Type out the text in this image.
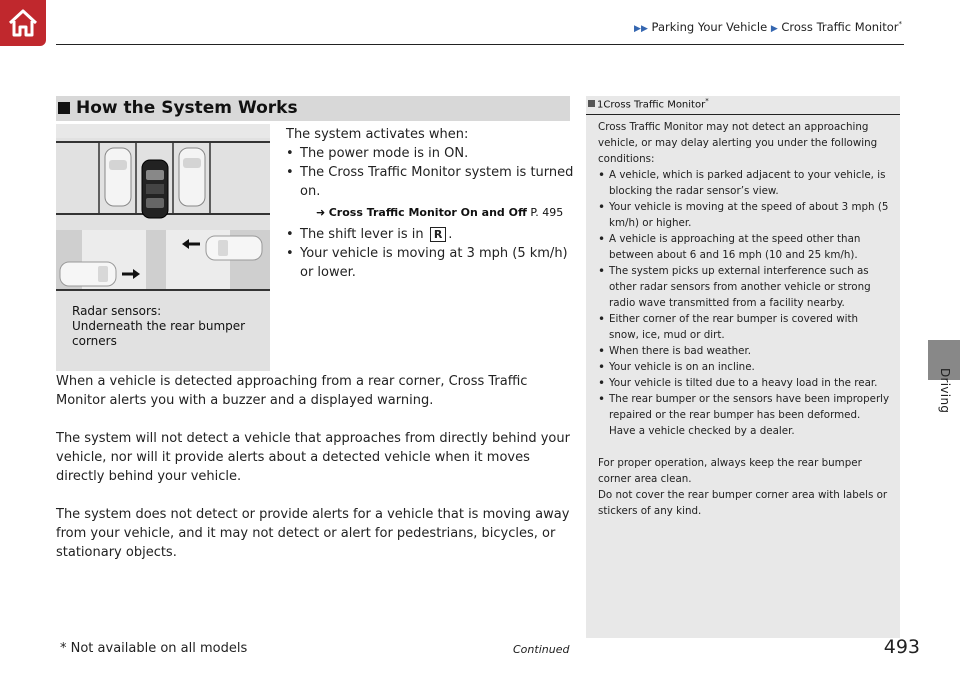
▶▶ Parking Your Vehicle ▶ Cross Traffic Monitor*
Driving
How the System Works
Radar sensors:
Underneath the rear bumper
corners
The system activates when:
• The power mode is in ON.
• The Cross Traffic Monitor system is turned on.
➜ Cross Traffic Monitor On and Off P. 495
• The shift lever is in R .
• Your vehicle is moving at 3 mph (5 km/h) or lower.

When a vehicle is detected approaching from a rear corner, Cross Traffic Monitor alerts you with a buzzer and a displayed warning.

The system will not detect a vehicle that approaches from directly behind your vehicle, nor will it provide alerts about a detected vehicle when it moves directly behind your vehicle.

The system does not detect or provide alerts for a vehicle that is moving away from your vehicle, and it may not detect or alert for pedestrians, bicycles, or stationary objects.

1Cross Traffic Monitor*

Cross Traffic Monitor may not detect an approaching vehicle, or may delay alerting you under the following conditions:

• A vehicle, which is parked adjacent to your vehicle, is blocking the radar sensor’s view.
• Your vehicle is moving at the speed of about 3 mph (5 km/h) or higher.
• A vehicle is approaching at the speed other than between about 6 and 16 mph (10 and 25 km/h).
• The system picks up external interference such as other radar sensors from another vehicle or strong radio wave transmitted from a facility nearby.
• Either corner of the rear bumper is covered with snow, ice, mud or dirt.
• When there is bad weather.
• Your vehicle is on an incline.
• Your vehicle is tilted due to a heavy load in the rear.
• The rear bumper or the sensors have been improperly repaired or the rear bumper has been deformed. Have a vehicle checked by a dealer.

For proper operation, always keep the rear bumper corner area clean.

Do not cover the rear bumper corner area with labels or stickers of any kind.

* Not available on all models	Continued	493
